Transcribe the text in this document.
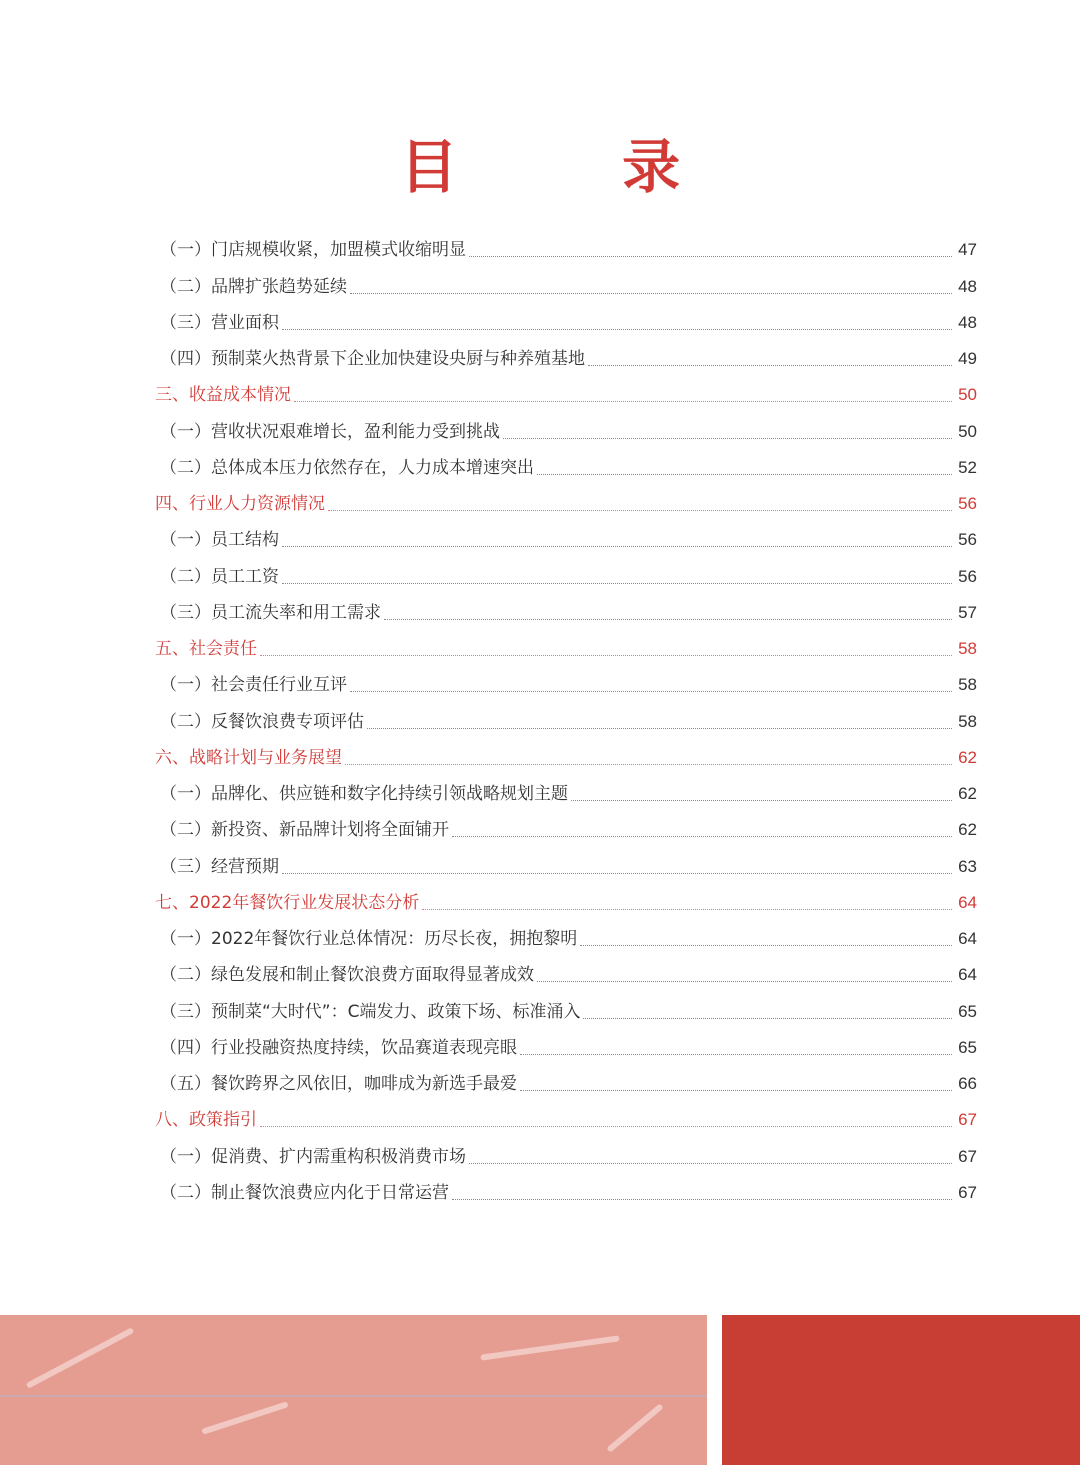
目 录
（一）门店规模收紧，加盟模式收缩明显	47
（二）品牌扩张趋势延续	48
（三）营业面积	48
（四）预制菜火热背景下企业加快建设央厨与种养殖基地	49
三、收益成本情况	50
（一）营收状况艰难增长，盈利能力受到挑战	50
（二）总体成本压力依然存在，人力成本增速突出	52
四、行业人力资源情况	56
（一）员工结构	56
（二）员工工资	56
（三）员工流失率和用工需求	57
五、社会责任	58
（一）社会责任行业互评	58
（二）反餐饮浪费专项评估	58
六、战略计划与业务展望	62
（一）品牌化、供应链和数字化持续引领战略规划主题	62
（二）新投资、新品牌计划将全面铺开	62
（三）经营预期	63
七、2022年餐饮行业发展状态分析	64
（一）2022年餐饮行业总体情况：历尽长夜，拥抱黎明	64
（二）绿色发展和制止餐饮浪费方面取得显著成效	64
（三）预制菜“大时代”：C端发力、政策下场、标准涌入	65
（四）行业投融资热度持续，饮品赛道表现亮眼	65
（五）餐饮跨界之风依旧，咖啡成为新选手最爱	66
八、政策指引	67
（一）促消费、扩内需重构积极消费市场	67
（二）制止餐饮浪费应内化于日常运营	67
